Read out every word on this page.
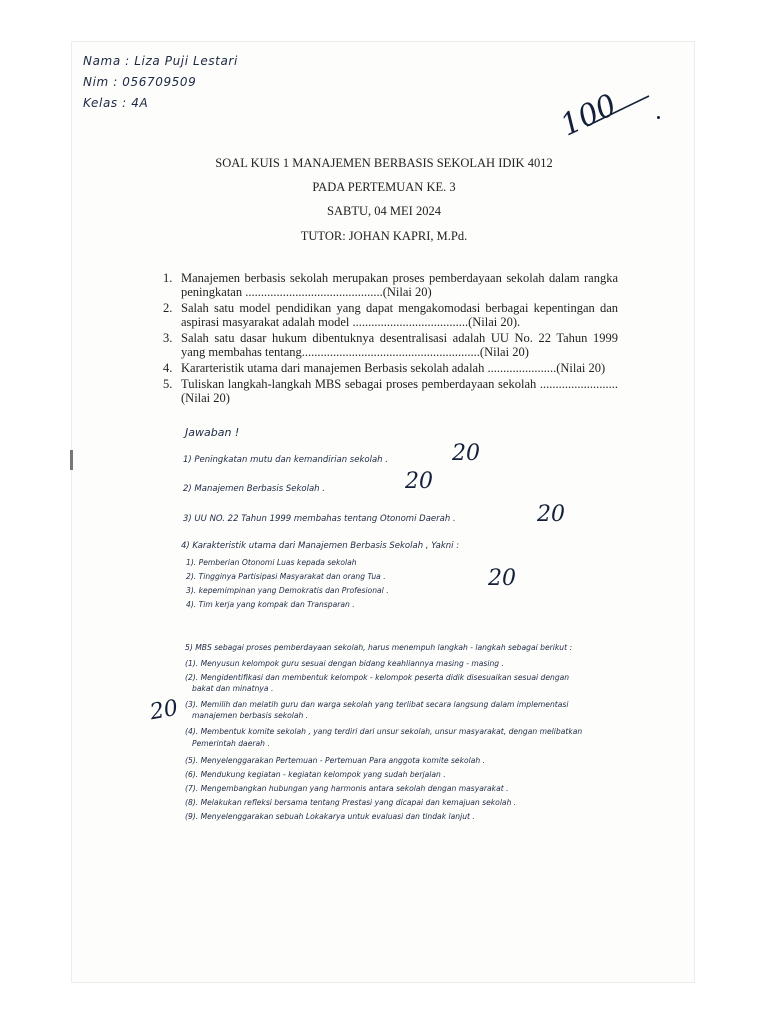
Nama : Liza Puji Lestari
Nim : 056709509
Kelas : 4A	100
SOAL KUIS 1 MANAJEMEN BERBASIS SEKOLAH IDIK 4012
PADA PERTEMUAN KE. 3
SABTU, 04 MEI 2024
TUTOR: JOHAN KAPRI, M.Pd.
1. Manajemen berbasis sekolah merupakan proses pemberdayaan sekolah dalam rangka peningkatan ............................................(Nilai 20)
2. Salah satu model pendidikan yang dapat mengakomodasi berbagai kepentingan dan aspirasi masyarakat adalah model .....................................(Nilai 20).
3. Salah satu dasar hukum dibentuknya desentralisasi adalah UU No. 22 Tahun 1999 yang membahas tentang.........................................................(Nilai 20)
4. Kararteristik utama dari manajemen Berbasis sekolah adalah ......................(Nilai 20)
5. Tuliskan langkah-langkah MBS sebagai proses pemberdayaan sekolah .........................(Nilai 20)
Jawaban !
1) Peningkatan mutu dan kemandirian sekolah .	20
2) Manajemen Berbasis Sekolah .	20
3) UU NO. 22 Tahun 1999 membahas tentang Otonomi Daerah .	20
4) Karakteristik utama dari Manajemen Berbasis Sekolah , Yakni :
1). Pemberian Otonomi Luas kepada sekolah
2). Tingginya Partisipasi Masyarakat dan orang Tua .
3). kepemimpinan yang Demokratis dan Profesional .
4). Tim kerja yang kompak dan Transparan .
20
5) MBS sebagai proses pemberdayaan sekolah, harus menempuh langkah - langkah sebagai berikut :
(1). Menyusun kelompok guru sesuai dengan bidang keahliannya masing - masing .
(2). Mengidentifikasi dan membentuk kelompok - kelompok peserta didik disesuaikan sesuai dengan
bakat dan minatnya .
(3). Memilih dan melatih guru dan warga sekolah yang terlibat secara langsung dalam implementasi
manajemen berbasis sekolah .
(4). Membentuk komite sekolah , yang terdiri dari unsur sekolah, unsur masyarakat, dengan melibatkan
Pemerintah daerah .
(5). Menyelenggarakan Pertemuan - Pertemuan Para anggota komite sekolah .
(6). Mendukung kegiatan - kegiatan kelompok yang sudah berjalan .
(7). Mengembangkan hubungan yang harmonis antara sekolah dengan masyarakat .
(8). Melakukan refleksi bersama tentang Prestasi yang dicapai dan kemajuan sekolah .
(9). Menyelenggarakan sebuah Lokakarya untuk evaluasi dan tindak lanjut .
20
